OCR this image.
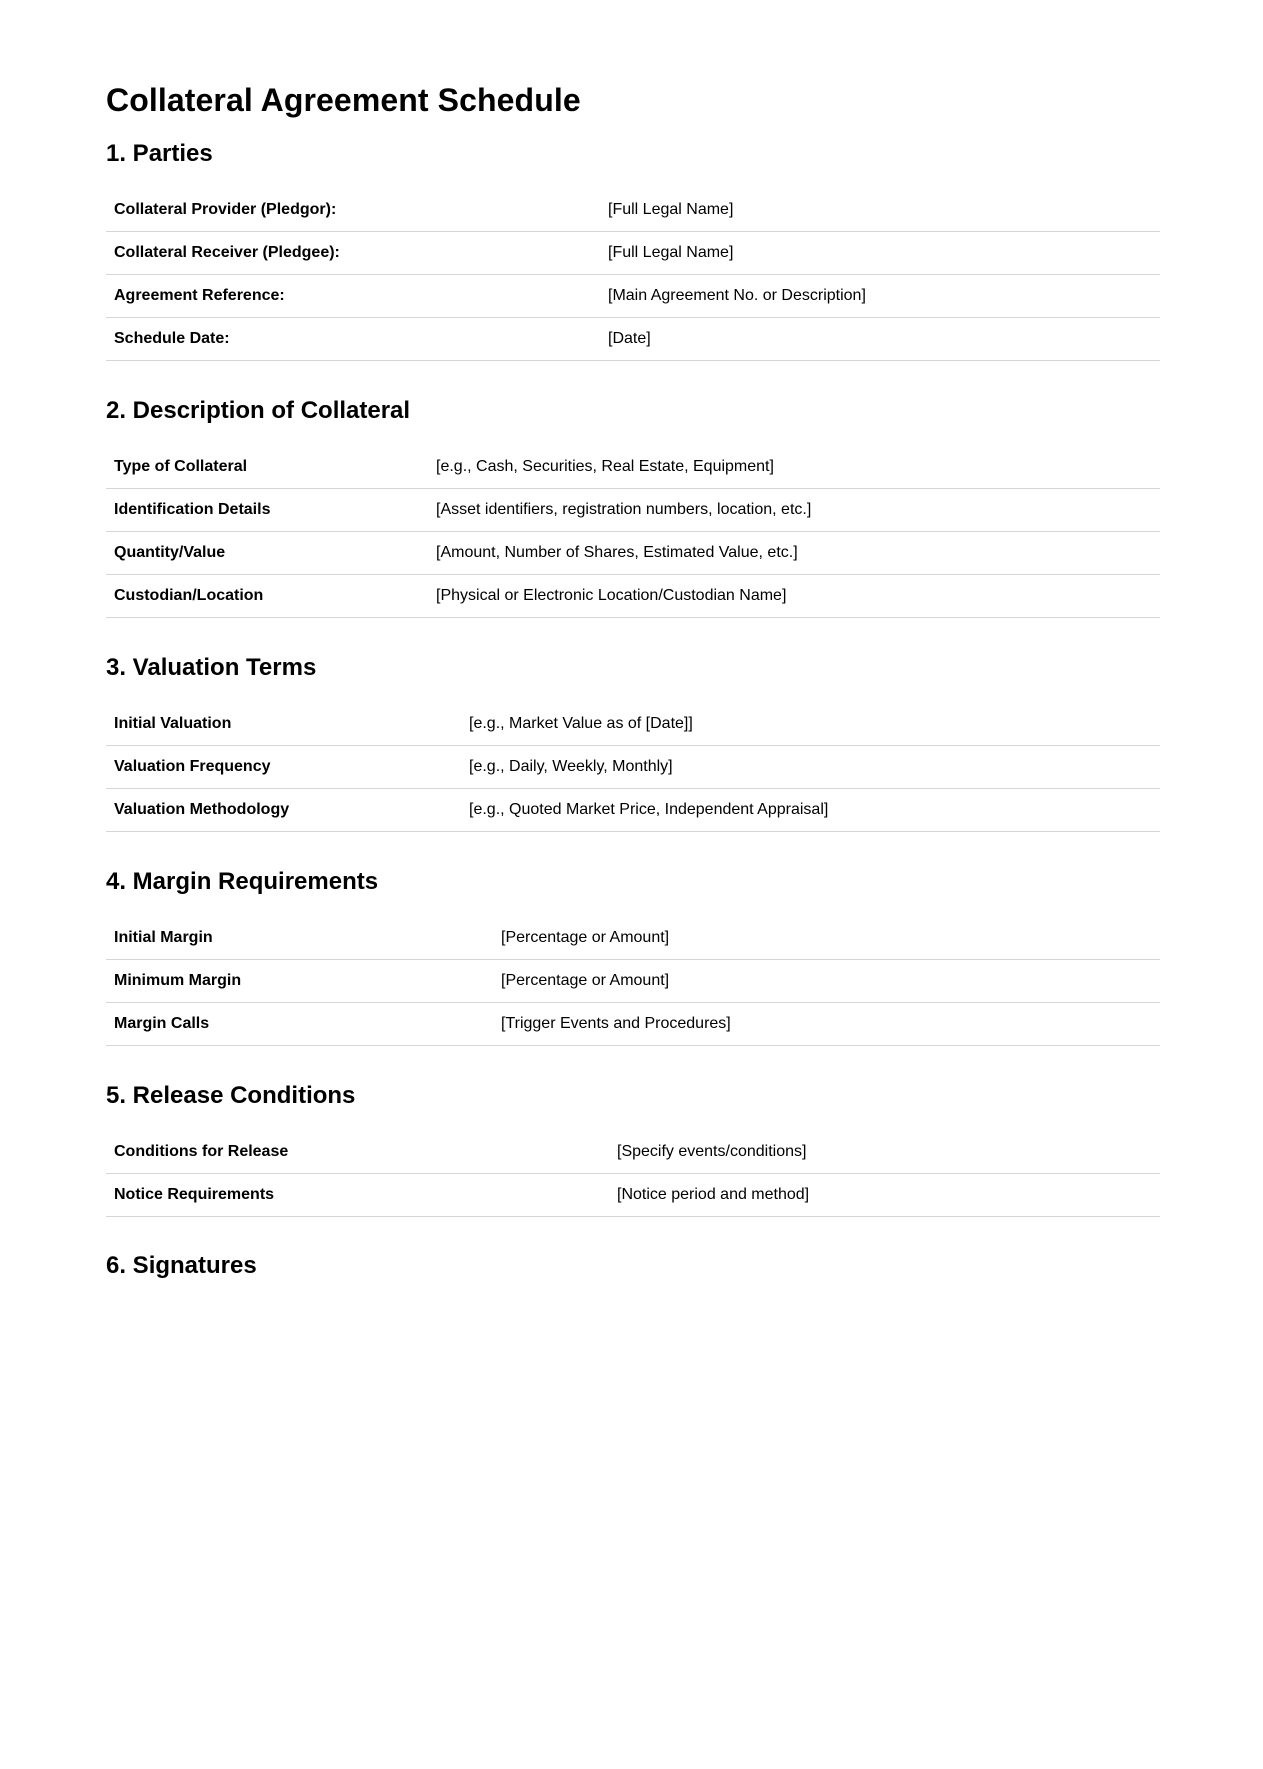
Collateral Agreement Schedule
1. Parties
Collateral Provider (Pledgor):	[Full Legal Name]
Collateral Receiver (Pledgee):	[Full Legal Name]
Agreement Reference:	[Main Agreement No. or Description]
Schedule Date:	[Date]
2. Description of Collateral
Type of Collateral	[e.g., Cash, Securities, Real Estate, Equipment]
Identification Details	[Asset identifiers, registration numbers, location, etc.]
Quantity/Value	[Amount, Number of Shares, Estimated Value, etc.]
Custodian/Location	[Physical or Electronic Location/Custodian Name]
3. Valuation Terms
Initial Valuation	[e.g., Market Value as of [Date]]
Valuation Frequency	[e.g., Daily, Weekly, Monthly]
Valuation Methodology	[e.g., Quoted Market Price, Independent Appraisal]
4. Margin Requirements
Initial Margin	[Percentage or Amount]
Minimum Margin	[Percentage or Amount]
Margin Calls	[Trigger Events and Procedures]
5. Release Conditions
Conditions for Release	[Specify events/conditions]
Notice Requirements	[Notice period and method]
6. Signatures
